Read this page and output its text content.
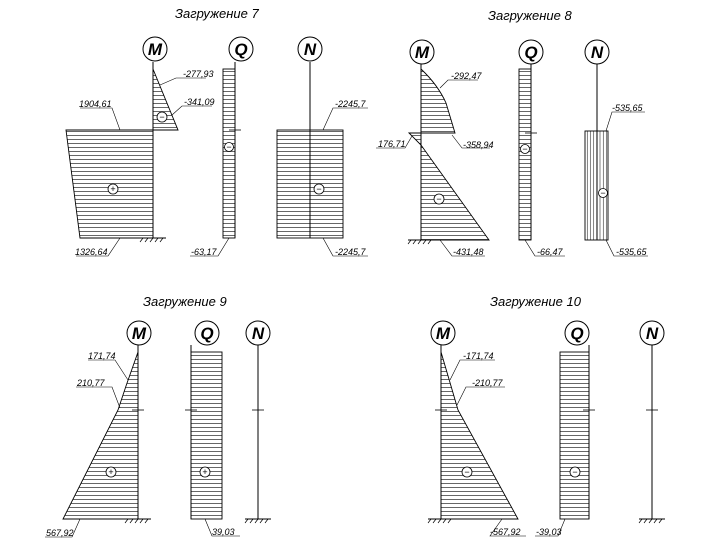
Загружение 7
M
-277,93
-341,09
1904,61
1326,64
−
+
Q
−
-63,17
N
−
-2245,7
-2245,7
Загружение 8
M
-292,47
-358,94
176,71
-431,48
−
Q
−
-66,47
N
−
-535,65
-535,65
Загружение 9
M
171,74
210,77
567,92
+
Q
+
39,03
N
Загружение 10
M
-171,74
-210,77
-567,92
−
Q
−
-39,03
N
